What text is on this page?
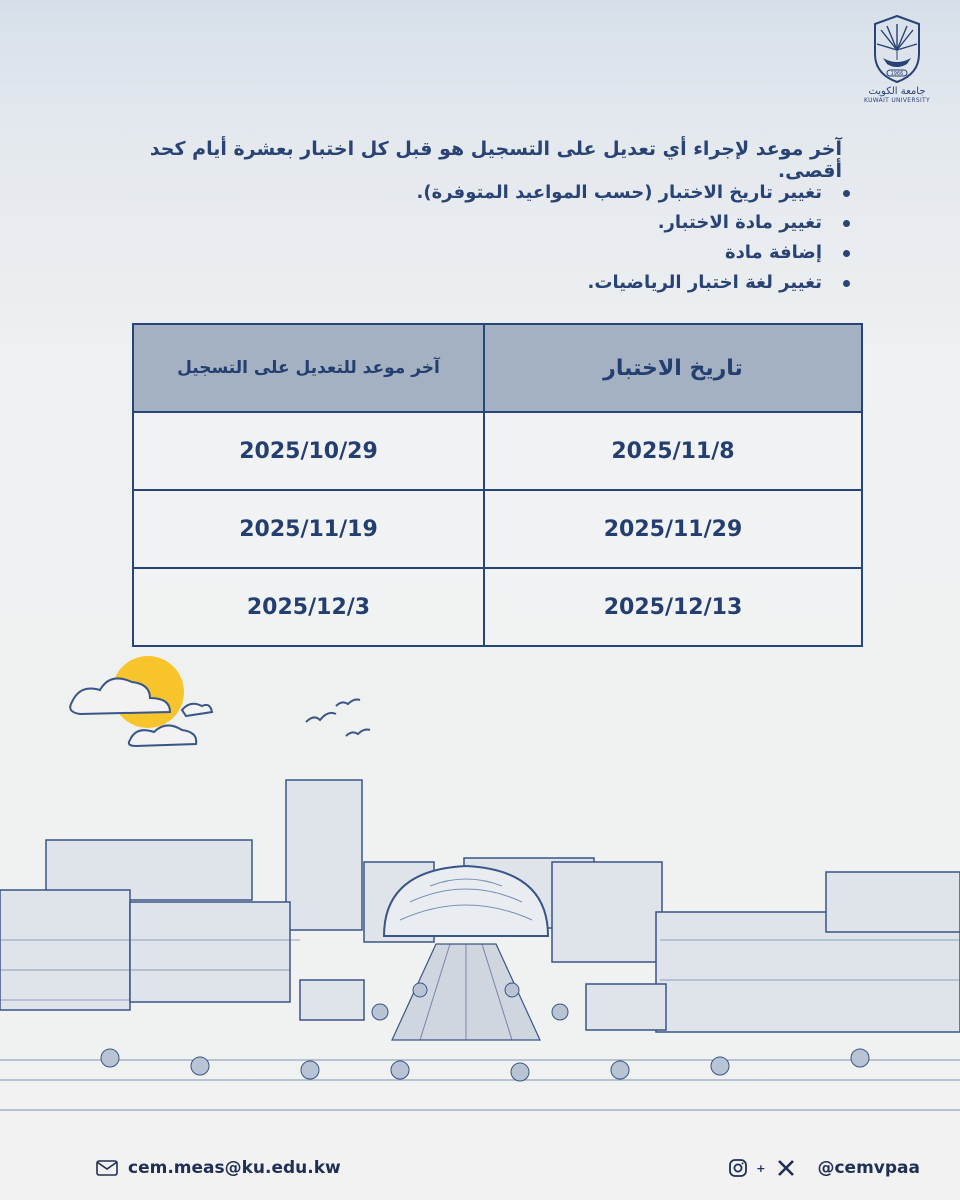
1966
جامعة الكويت
KUWAIT UNIVERSITY
آخر موعد لإجراء أي تعديل على التسجيل هو قبل كل اختبار بعشرة أيام كحد أقصى.
تغيير تاريخ الاختبار (حسب المواعيد المتوفرة).
تغيير مادة الاختبار.
إضافة مادة
تغيير لغة اختبار الرياضيات.
تاريخ الاختبار	آخر موعد للتعديل على التسجيل
2025/11/8	2025/10/29
2025/11/29	2025/11/19
2025/12/13	2025/12/3
cem.meas@ku.edu.kw	+	@cemvpaa
